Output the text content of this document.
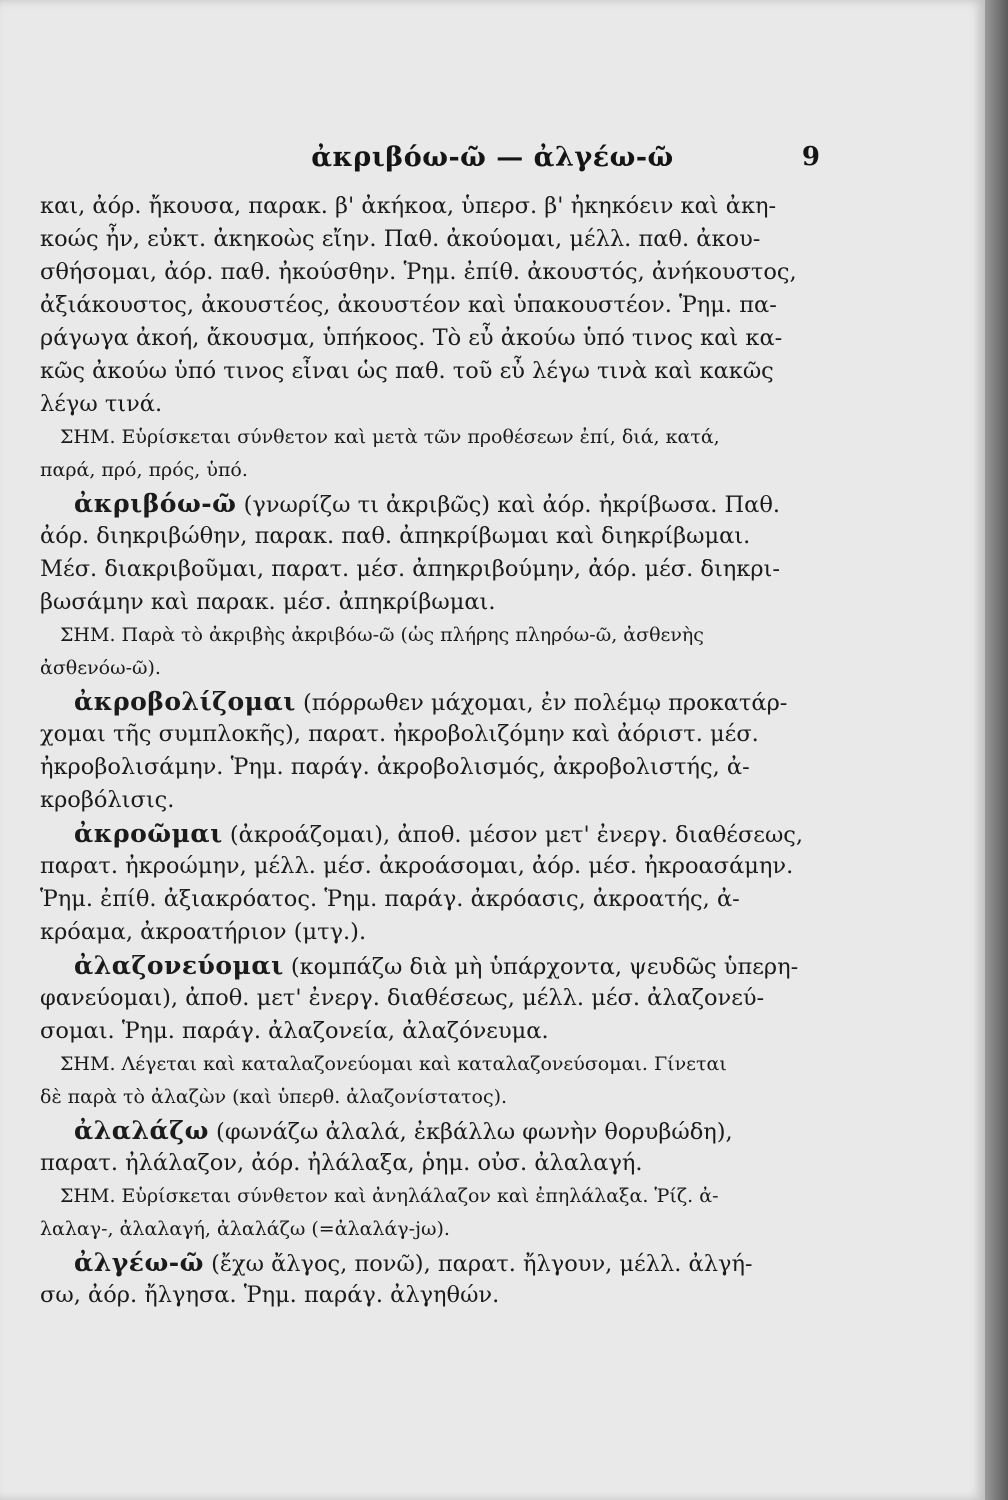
ἀκριβόω-ῶ — ἀλγέω-ῶ	9
και, ἀόρ. ἤκουσα, παρακ. β' ἀκήκοα, ὑπερσ. β' ἠκηκόειν καὶ ἀκη-
κοώς ἦν, εὐκτ. ἀκηκοὼς εἴην. Παθ. ἀκούομαι, μέλλ. παθ. ἀκου-
σθήσομαι, ἀόρ. παθ. ἠκούσθην. Ῥημ. ἐπίθ. ἀκουστός, ἀνήκουστος,
ἀξιάκουστος, ἀκουστέος, ἀκουστέον καὶ ὑπακουστέον. Ῥημ. πα-
ράγωγα ἀκοή, ἄκουσμα, ὑπήκοος. Τὸ εὖ ἀκούω ὑπό τινος καὶ κα-
κῶς ἀκούω ὑπό τινος εἶναι ὡς παθ. τοῦ εὖ λέγω τινὰ καὶ κακῶς
λέγω τινά.
ΣΗΜ. Εὑρίσκεται σύνθετον καὶ μετὰ τῶν προθέσεων ἐπί, διά, κατά,
παρά, πρό, πρός, ὑπό.
ἀκριβόω-ῶ (γνωρίζω τι ἀκριβῶς) καὶ ἀόρ. ἠκρίβωσα. Παθ.
ἀόρ. διηκριβώθην, παρακ. παθ. ἀπηκρίβωμαι καὶ διηκρίβωμαι.
Μέσ. διακριβοῦμαι, παρατ. μέσ. ἀπηκριβούμην, ἀόρ. μέσ. διηκρι-
βωσάμην καὶ παρακ. μέσ. ἀπηκρίβωμαι.
ΣΗΜ. Παρὰ τὸ ἀκριβὴς ἀκριβόω-ῶ (ὡς πλήρης πληρόω-ῶ, ἀσθενὴς
ἀσθενόω-ῶ).
ἀκροβολίζομαι (πόρρωθεν μάχομαι, ἐν πολέμῳ προκατάρ-
χομαι τῆς συμπλοκῆς), παρατ. ἠκροβολιζόμην καὶ ἀόριστ. μέσ.
ἠκροβολισάμην. Ῥημ. παράγ. ἀκροβολισμός, ἀκροβολιστής, ἀ-
κροβόλισις.
ἀκροῶμαι (ἀκροάζομαι), ἀποθ. μέσον μετ' ἐνεργ. διαθέσεως,
παρατ. ἠκροώμην, μέλλ. μέσ. ἀκροάσομαι, ἀόρ. μέσ. ἠκροασάμην.
Ῥημ. ἐπίθ. ἀξιακρόατος. Ῥημ. παράγ. ἀκρόασις, ἀκροατής, ἀ-
κρόαμα, ἀκροατήριον (μτγ.).
ἀλαζονεύομαι (κομπάζω διὰ μὴ ὑπάρχοντα, ψευδῶς ὑπερη-
φανεύομαι), ἀποθ. μετ' ἐνεργ. διαθέσεως, μέλλ. μέσ. ἀλαζονεύ-
σομαι. Ῥημ. παράγ. ἀλαζονεία, ἀλαζόνευμα.
ΣΗΜ. Λέγεται καὶ καταλαζονεύομαι καὶ καταλαζονεύσομαι. Γίνεται
δὲ παρὰ τὸ ἀλαζὼν (καὶ ὑπερθ. ἀλαζονίστατος).
ἀλαλάζω (φωνάζω ἀλαλά, ἐκβάλλω φωνὴν θορυβώδη),
παρατ. ἠλάλαζον, ἀόρ. ἠλάλαξα, ῥημ. οὐσ. ἀλαλαγή.
ΣΗΜ. Εὑρίσκεται σύνθετον καὶ ἀνηλάλαζον καὶ ἐπηλάλαξα. Ῥίζ. ἀ-
λαλαγ-, ἀλαλαγή, ἀλαλάζω (=ἀλαλάγ-jω).
ἀλγέω-ῶ (ἔχω ἄλγος, πονῶ), παρατ. ἤλγουν, μέλλ. ἀλγή-
σω, ἀόρ. ἤλγησα. Ῥημ. παράγ. ἀλγηθών.
